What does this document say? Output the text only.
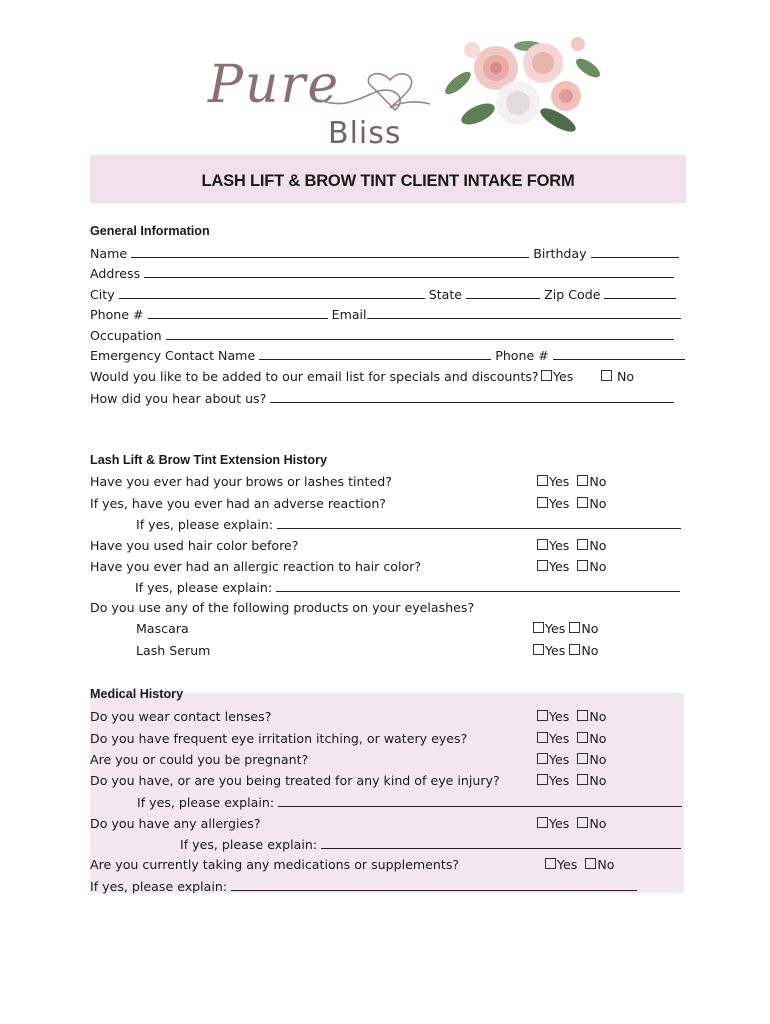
Pure
Bliss
LASH LIFT & BROW TINT CLIENT INTAKE FORM
General Information
Name	Birthday
Address
City	State	Zip Code
Phone #	Email
Occupation
Emergency Contact Name	Phone #
Would you like to be added to our email list for specials and discounts?	Yes	No
How did you hear about us?
Lash Lift & Brow Tint Extension History
Have you ever had your brows or lashes tinted?	Yes No
If yes, have you ever had an adverse reaction?	Yes No
If yes, please explain:
Have you used hair color before?	Yes No
Have you ever had an allergic reaction to hair color?	Yes No
If yes, please explain:
Do you use any of the following products on your eyelashes?
Mascara	Yes No
Lash Serum	Yes No
Medical History
Do you wear contact lenses?	Yes No
Do you have frequent eye irritation itching, or watery eyes?	Yes No
Are you or could you be pregnant?	Yes No
Do you have, or are you being treated for any kind of eye injury?	Yes No
If yes, please explain:
Do you have any allergies?	Yes No
If yes, please explain:
Are you currently taking any medications or supplements?	Yes No
If yes, please explain:
